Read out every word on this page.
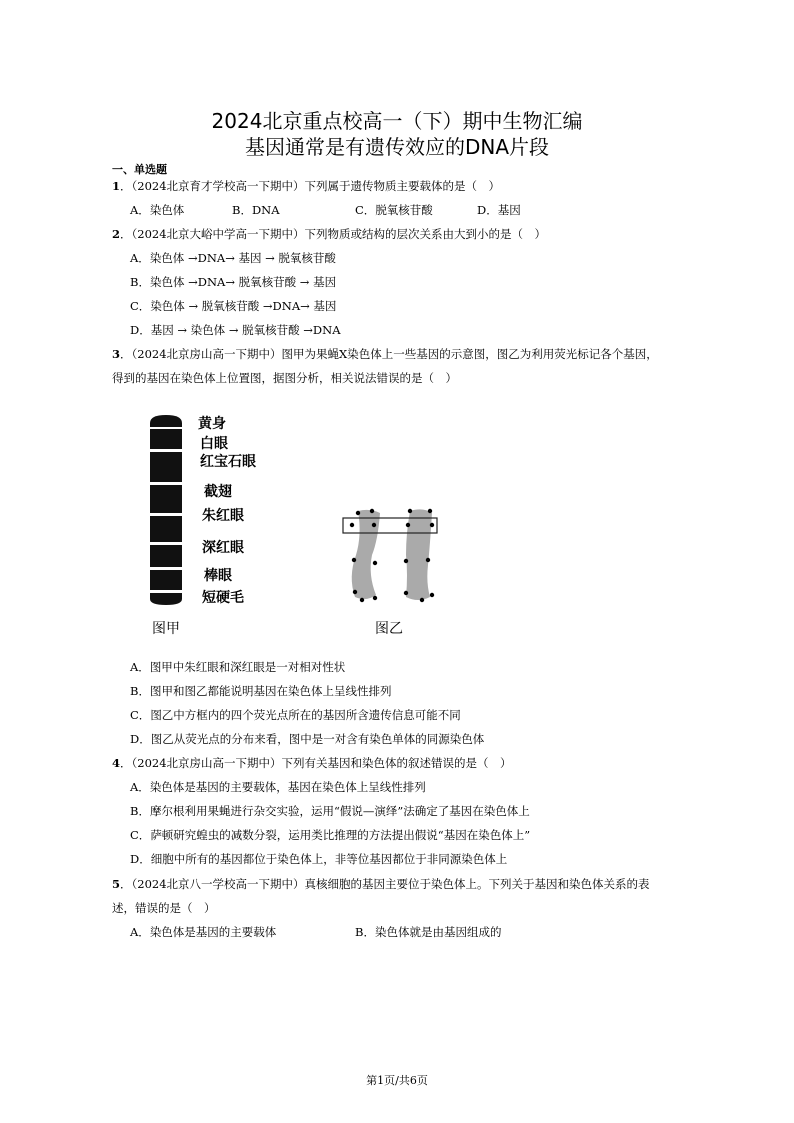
2024北京重点校高一（下）期中生物汇编
基因通常是有遗传效应的DNA片段
一、单选题
1．（2024北京育才学校高一下期中）下列属于遗传物质主要载体的是（　）
A．染色体	B．DNA	C．脱氧核苷酸	D．基因
2．（2024北京大峪中学高一下期中）下列物质或结构的层次关系由大到小的是（　）
A．染色体 →DNA→ 基因 → 脱氧核苷酸
B．染色体 →DNA→ 脱氧核苷酸 → 基因
C．染色体 → 脱氧核苷酸 →DNA→ 基因
D．基因 → 染色体 → 脱氧核苷酸 →DNA
3．（2024北京房山高一下期中）图甲为果蝇X染色体上一些基因的示意图，图乙为利用荧光标记各个基因，
得到的基因在染色体上位置图，据图分析，相关说法错误的是（　）
黄身
白眼
红宝石眼
截翅
朱红眼
深红眼
棒眼
短硬毛
图甲	图乙
A．图甲中朱红眼和深红眼是一对相对性状
B．图甲和图乙都能说明基因在染色体上呈线性排列
C．图乙中方框内的四个荧光点所在的基因所含遗传信息可能不同
D．图乙从荧光点的分布来看，图中是一对含有染色单体的同源染色体
4．（2024北京房山高一下期中）下列有关基因和染色体的叙述错误的是（　）
A．染色体是基因的主要载体，基因在染色体上呈线性排列
B．摩尔根利用果蝇进行杂交实验，运用“假说—演绎”法确定了基因在染色体上
C．萨顿研究蝗虫的减数分裂，运用类比推理的方法提出假说“基因在染色体上”
D．细胞中所有的基因都位于染色体上，非等位基因都位于非同源染色体上
5．（2024北京八一学校高一下期中）真核细胞的基因主要位于染色体上。下列关于基因和染色体关系的表
述，错误的是（　）
A．染色体是基因的主要载体	B．染色体就是由基因组成的
第1页/共6页
